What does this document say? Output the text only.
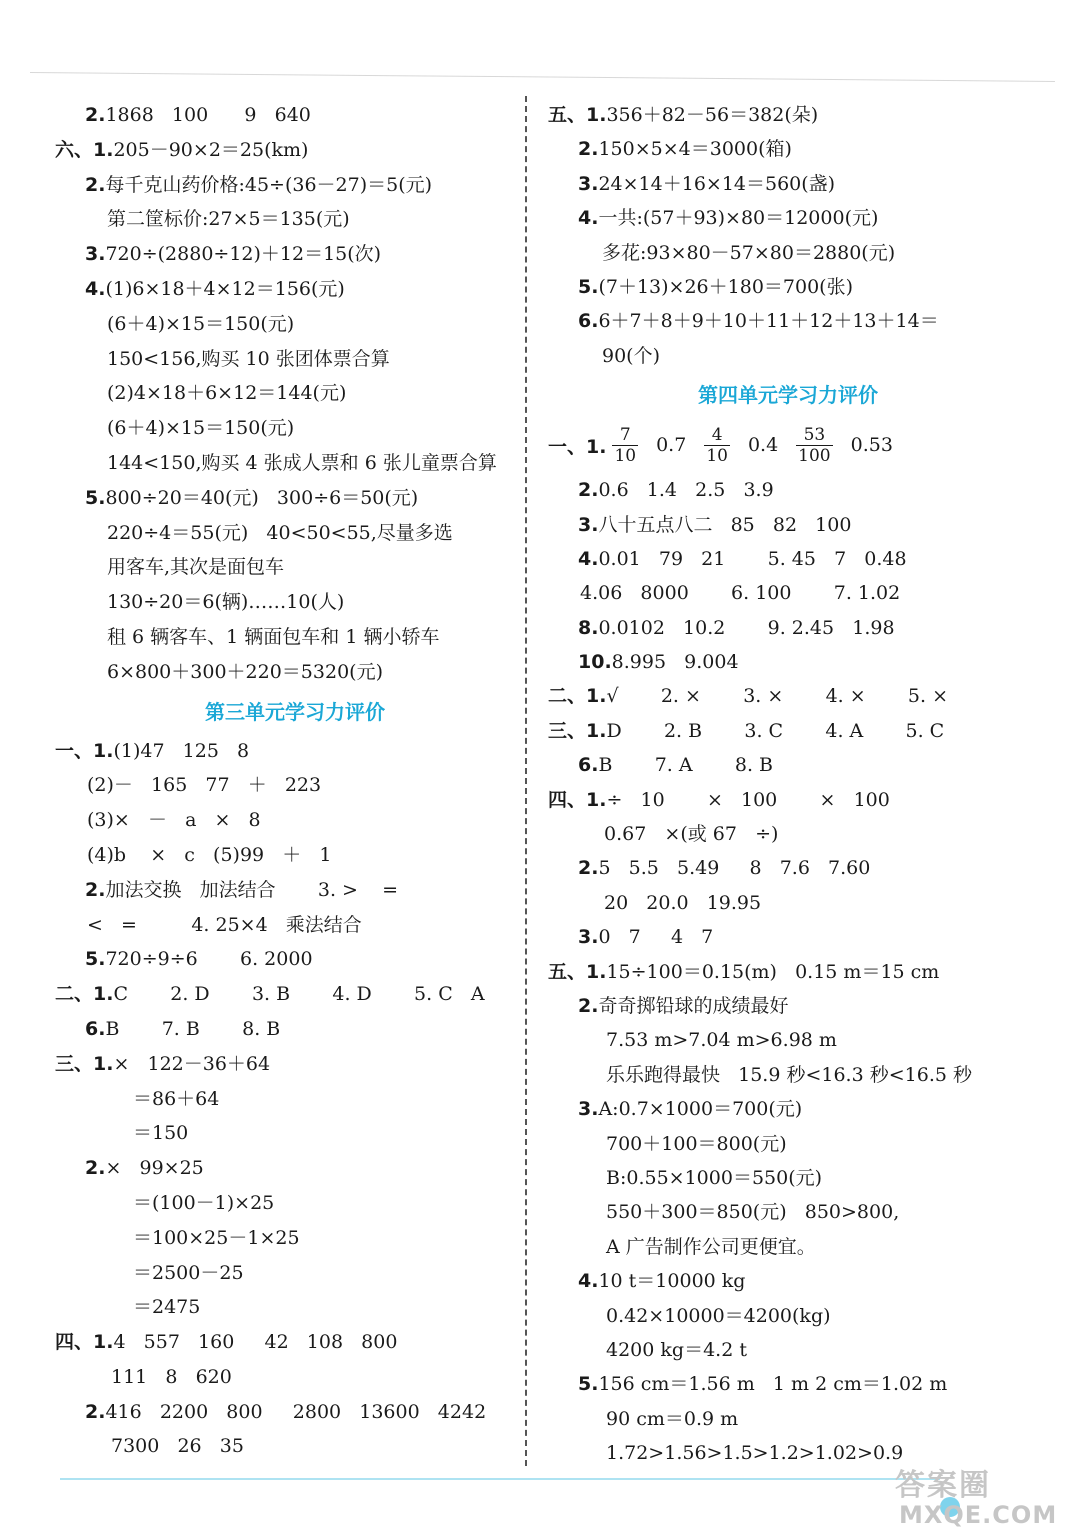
2.1868   100      9   640
六、1.205－90×2＝25(km)
2.每千克山药价格:45÷(36－27)＝5(元)
第二筐标价:27×5＝135(元)
3.720÷(2880÷12)＋12＝15(次)
4.(1)6×18＋4×12＝156(元)
(6＋4)×15＝150(元)
150<156,购买 10 张团体票合算
(2)4×18＋6×12＝144(元)
(6＋4)×15＝150(元)
144<150,购买 4 张成人票和 6 张儿童票合算
5.800÷20＝40(元)   300÷6＝50(元)
220÷4＝55(元)   40<50<55,尽量多选
用客车,其次是面包车
130÷20＝6(辆)……10(人)
租 6 辆客车、1 辆面包车和 1 辆小轿车
6×800＋300＋220＝5320(元)
第三单元学习力评价
一、1.(1)47   125   8
(2)－   165   77   ＋   223
(3)×   －   a   ×   8
(4)b    ×   c   (5)99   ＋   1
2.加法交换   加法结合       3. >    =
<   =         4. 25×4   乘法结合
5.720÷9÷6       6. 2000
二、1.C       2. D       3. B       4. D       5. C   A
6.B       7. B       8. B
三、1.×   122－36＋64
＝86＋64
＝150
2.×   99×25
＝(100－1)×25
＝100×25－1×25
＝2500－25
＝2475
四、1.4   557   160     42   108   800
111   8   620
2.416   2200   800     2800   13600   4242
7300   26   35
五、1.356＋82－56＝382(朵)
2.150×5×4＝3000(箱)
3.24×14＋16×14＝560(盏)
4.一共:(57＋93)×80＝12000(元)
多花:93×80－57×80＝2880(元)
5.(7＋13)×26＋180＝700(张)
6.6＋7＋8＋9＋10＋11＋12＋13＋14＝
90(个)
第四单元学习力评价
一、1. $\frac{7}{10} 0.7 \frac{4}{10} 0.4 \frac{53}{100} 0.53$
2.0.6   1.4   2.5   3.9
3.八十五点八二   85   82   100
4.0.01   79   21       5. 45   7   0.48
4.06   8000       6. 100       7. 1.02
8.0.0102   10.2       9. 2.45   1.98
10.8.995   9.004
二、1.√       2. ×       3. ×       4. ×       5. ×
三、1.D       2. B       3. C       4. A       5. C
6.B       7. A       8. B
四、1.÷   10       ×   100       ×   100
0.67   ×(或 67   ÷)
2.5   5.5   5.49     8   7.6   7.60
20   20.0   19.95
3.0   7     4   7
五、1.15÷100＝0.15(m)   0.15 m＝15 cm
2.奇奇掷铅球的成绩最好
7.53 m>7.04 m>6.98 m
乐乐跑得最快   15.9 秒<16.3 秒<16.5 秒
3.A:0.7×1000＝700(元)
700＋100＝800(元)
B:0.55×1000＝550(元)
550＋300＝850(元)   850>800,
A 广告制作公司更便宜。
4.10 t＝10000 kg
0.42×10000＝4200(kg)
4200 kg＝4.2 t
5.156 cm＝1.56 m   1 m 2 cm＝1.02 m
90 cm＝0.9 m
1.72>1.56>1.5>1.2>1.02>0.9
答案圈
MXQE.COM
